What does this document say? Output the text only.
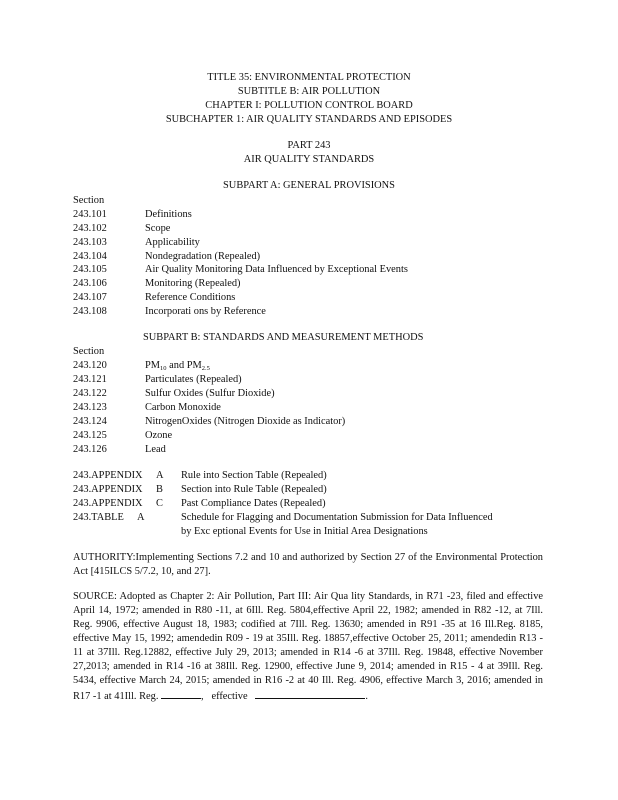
TITLE 35: ENVIRONMENTAL PROTECTION
SUBTITLE B: AIR POLLUTION
CHAPTER I: POLLUTION CONTROL BOARD
SUBCHAPTER 1: AIR QUALITY STANDARDS AND EPISODES
PART 243
AIR QUALITY STANDARDS
SUBPART A: GENERAL PROVISIONS
Section
243.101	Definitions
243.102	Scope
243.103	Applicability
243.104	Nondegradation (Repealed)
243.105	Air Quality Monitoring Data Influenced by Exceptional Events
243.106	Monitoring (Repealed)
243.107	Reference Conditions
243.108	Incorporati ons by Reference
SUBPART B: STANDARDS AND MEASUREMENT METHODS
Section
243.120	$PM_{10}$ and $PM_{2.5}$
243.121	Particulates (Repealed)
243.122	Sulfur Oxides (Sulfur Dioxide)
243.123	Carbon Monoxide
243.124	NitrogenOxides (Nitrogen Dioxide as Indicator)
243.125	Ozone
243.126	Lead
243.APPENDIX A Rule into Section Table (Repealed)
243.APPENDIX B Section into Rule Table (Repealed)
243.APPENDIX C Past Compliance Dates (Repealed)
243.TABLE A	Schedule for Flagging and Documentation Submission for Data Influenced
by Exc eptional Events for Use in Initial Area Designations
AUTHORITY:Implementing Sections 7.2 and 10 and authorized by Section 27 of the Environmental Protection Act [415ILCS 5/7.2, 10, and 27].
SOURCE: Adopted as Chapter 2: Air Pollution, Part III: Air Qua lity Standards, in R71 -23, filed and effective April 14, 1972; amended in R80 -11, at 6Ill. Reg. 5804,effective April 22, 1982; amended in R82 -12, at 7Ill. Reg. 9906, effective August 18, 1983; codified at 7Ill. Reg. 13630; amended in R91 -35 at 16 Ill.Reg. 8185, effective May 15, 1992; amendedin R09 - 19 at 35Ill. Reg. 18857,effective October 25, 2011; amendedin R13 - 11 at 37Ill. Reg.12882, effective July 29, 2013; amended in R14 -6 at 37Ill. Reg. 19848, effective November 27,2013; amended in R14 -16 at 38Ill. Reg. 12900, effective June 9, 2014; amended in R15 - 4 at 39Ill. Reg. 5434, effective March 24, 2015; amended in R16 -2 at 40 Ill. Reg. 4906, effective March 3, 2016; amended in R17 -1 at 41Ill. Reg.	, effective	.
